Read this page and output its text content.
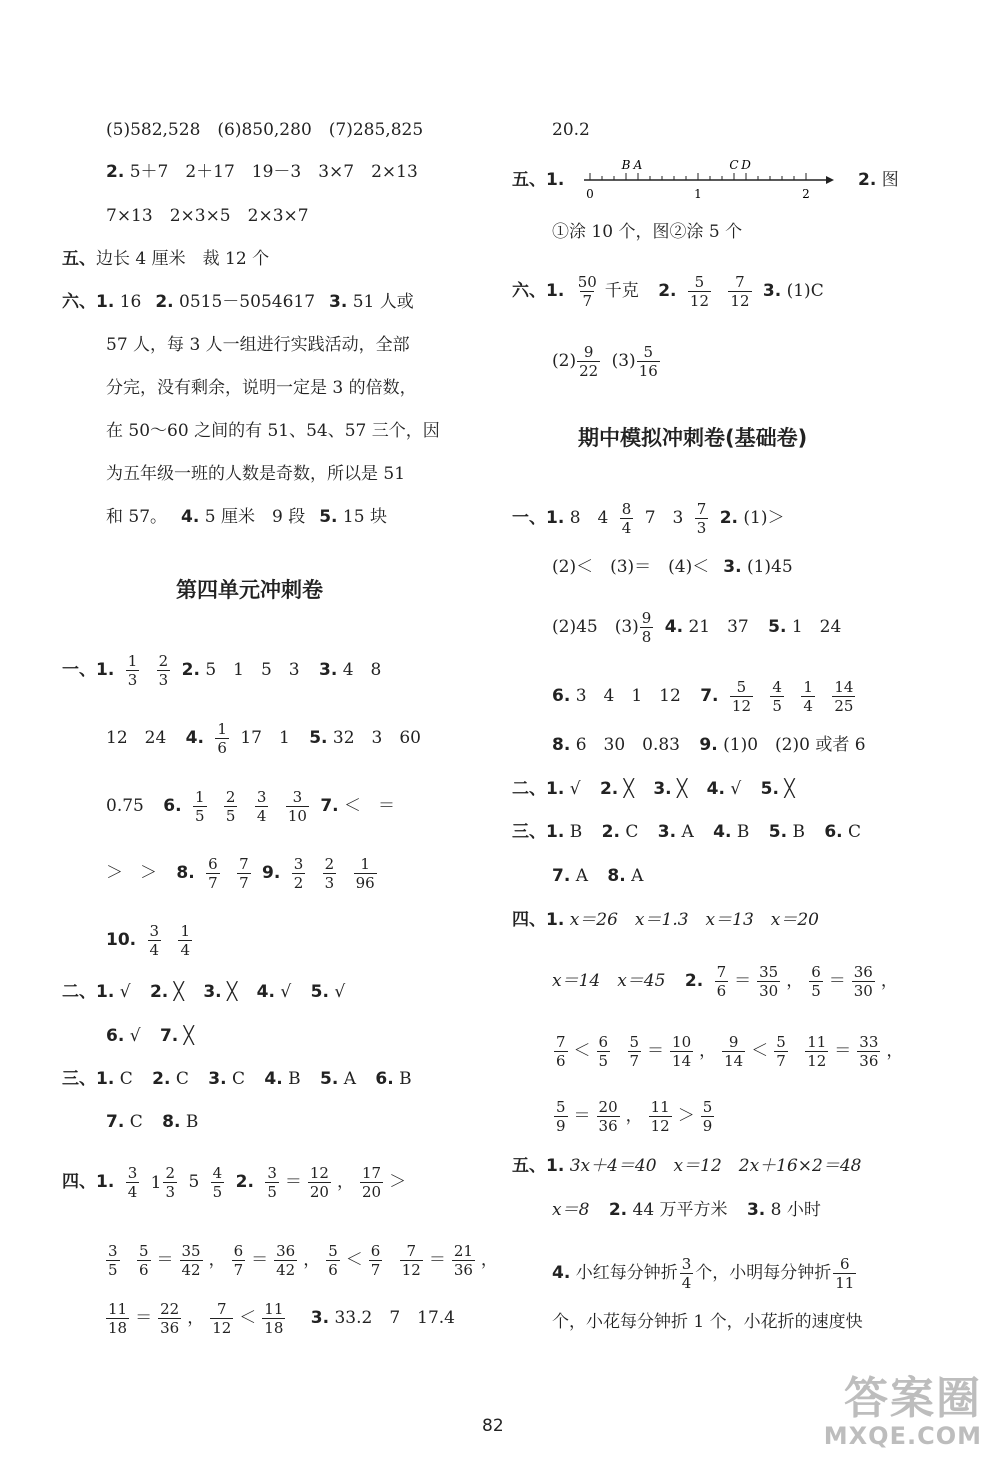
(5)582,528　(6)850,280　(7)285,825
2. 5＋7　2＋17　19－3　3×7　2×13
7×13　2×3×5　2×3×7
五、边长 4 厘米　裁 12 个
六、1. 16 2. 0515－5054617 3. 51 人或
57 人，每 3 人一组进行实践活动，全部
分完，没有剩余，说明一定是 3 的倍数，
在 50～60 之间的有 51、54、57 三个，因
为五年级一班的人数是奇数，所以是 51
和 57。 4. 5 厘米　9 段 5. 15 块
第四单元冲刺卷
一、1. $\frac{1}{3}$
$\frac{2}{3} 2$. 5　1　5　3 3. 4　8
12　24 4. $\frac{1}{6} 17$　1 5. 32　3　60
0.75 6. $\frac{1}{5}$
$\frac{2}{5}$
$\frac{3}{4}$
$\frac{3}{10} 7$. ＜　＝
＞　＞ 8. $\frac{6}{7}$
$\frac{7}{7} 9$. $\frac{3}{2}$
$\frac{2}{3}$
$\frac{1}{96}$
10. $\frac{3}{4}$
$\frac{1}{4}$
二、1. √ 2. ╳ 3. ╳ 4. √ 5. √
6. √ 7. ╳
三、1. C 2. C 3. C 4. B 5. A 6. B
7. C 8. B
四、1. $\frac{3}{4}$
1 2
3 $5 \frac{4}{5} 2$. $\frac{3}{5} = \frac{12}{20}$ ， $\frac{17}{20}$ ＞
$\frac{3}{5}$
$\frac{5}{6} = \frac{35}{42}$ ， $\frac{6}{7} = \frac{36}{42}$ ， $\frac{5}{6} < \frac{6}{7}$
$\frac{7}{12} = \frac{21}{36}$ ，
$\frac{11}{18} = \frac{22}{36}$ ， $\frac{7}{12} < \frac{11}{18} 3$. 33.2　7　17.4
20.2
五、1.
B A	C D
0	1	2
2. 图
①涂 10 个，图②涂 5 个
六、1. $\frac{50}{7}$ 千克 2. $\frac{5}{12}$
$\frac{7}{12} 3$. (1)C
$(2) \frac{9}{22} (3) \frac{5}{16}$
期中模拟冲刺卷(基础卷)
一、1. 8　$4 \frac{8}{4} 7$　$3 \frac{7}{3} 2$. (1)＞
(2)＜　(3)＝　(4)＜ 3. (1)45
(2)45　$(3) \frac{9}{8} 4$. 21　37 5. 1　24
6. 3　4　1　12 7. $\frac{5}{12}$
$\frac{4}{5}$
$\frac{1}{4}$
$\frac{14}{25}$
8. 6　30　0.83 9. (1)0　(2)0 或者 6
二、1. √ 2. ╳ 3. ╳ 4. √ 5. ╳
三、1. B 2. C 3. A 4. B 5. B 6. C
7. A 8. A
四、1. x＝26　x＝1.3　x＝13　x＝20
x＝14　x＝45 2. $\frac{7}{6} = \frac{35}{30}$ ， $\frac{6}{5} = \frac{36}{30}$ ，
$\frac{7}{6} < \frac{6}{5}$
$\frac{5}{7} = \frac{10}{14}$ ， $\frac{9}{14} < \frac{5}{7}$
$\frac{11}{12} = \frac{33}{36}$ ，
$\frac{5}{9} = \frac{20}{36}$ ， $\frac{11}{12} > \frac{5}{9}$
五、1. 3x＋4＝40　x＝12　2x＋16×2＝48
x＝8 2. 44 万平方米 3. 8 小时
4. 小红每分钟折 $\frac{3}{4}$ 个，小明每分钟折 $\frac{6}{11}$
个，小花每分钟折 1 个，小花折的速度快
82
答案圈
MXQE.COM
